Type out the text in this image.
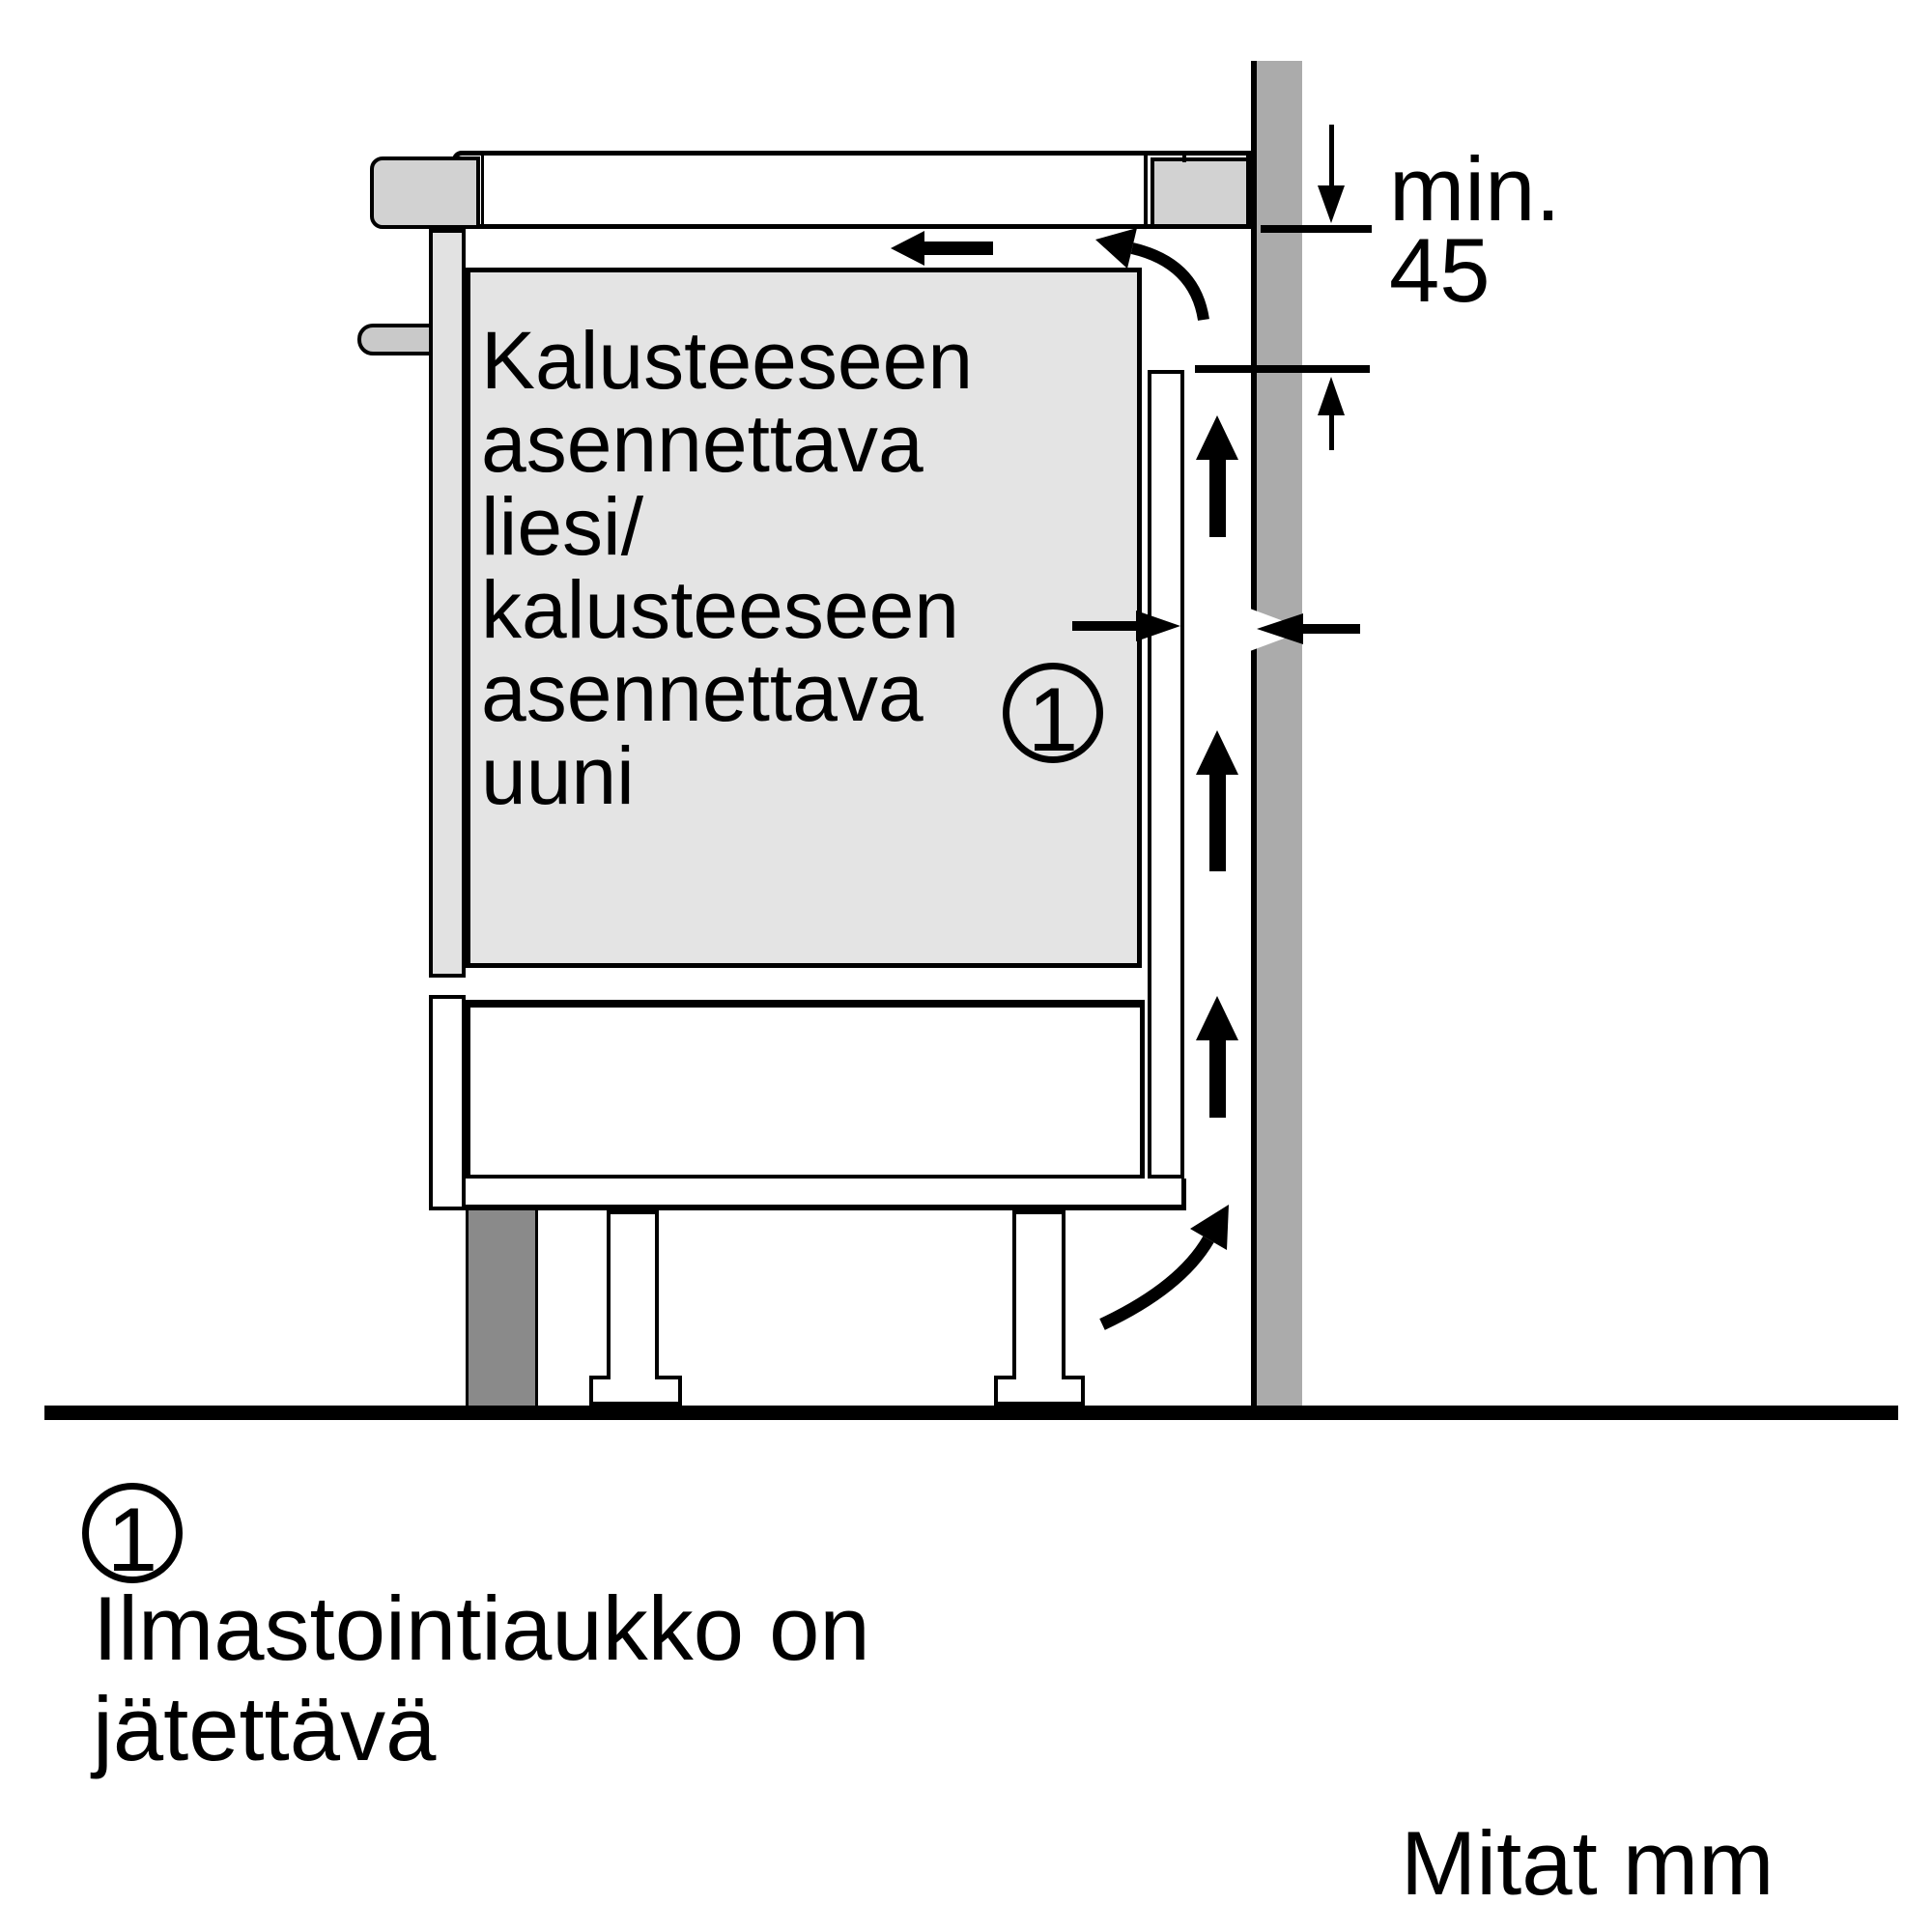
Kalusteeseen
asennettava
liesi/
kalusteeseen
asennettava
uuni
min.
45
1
1
Ilmastointiaukko on
jätettävä
Mitat mm
